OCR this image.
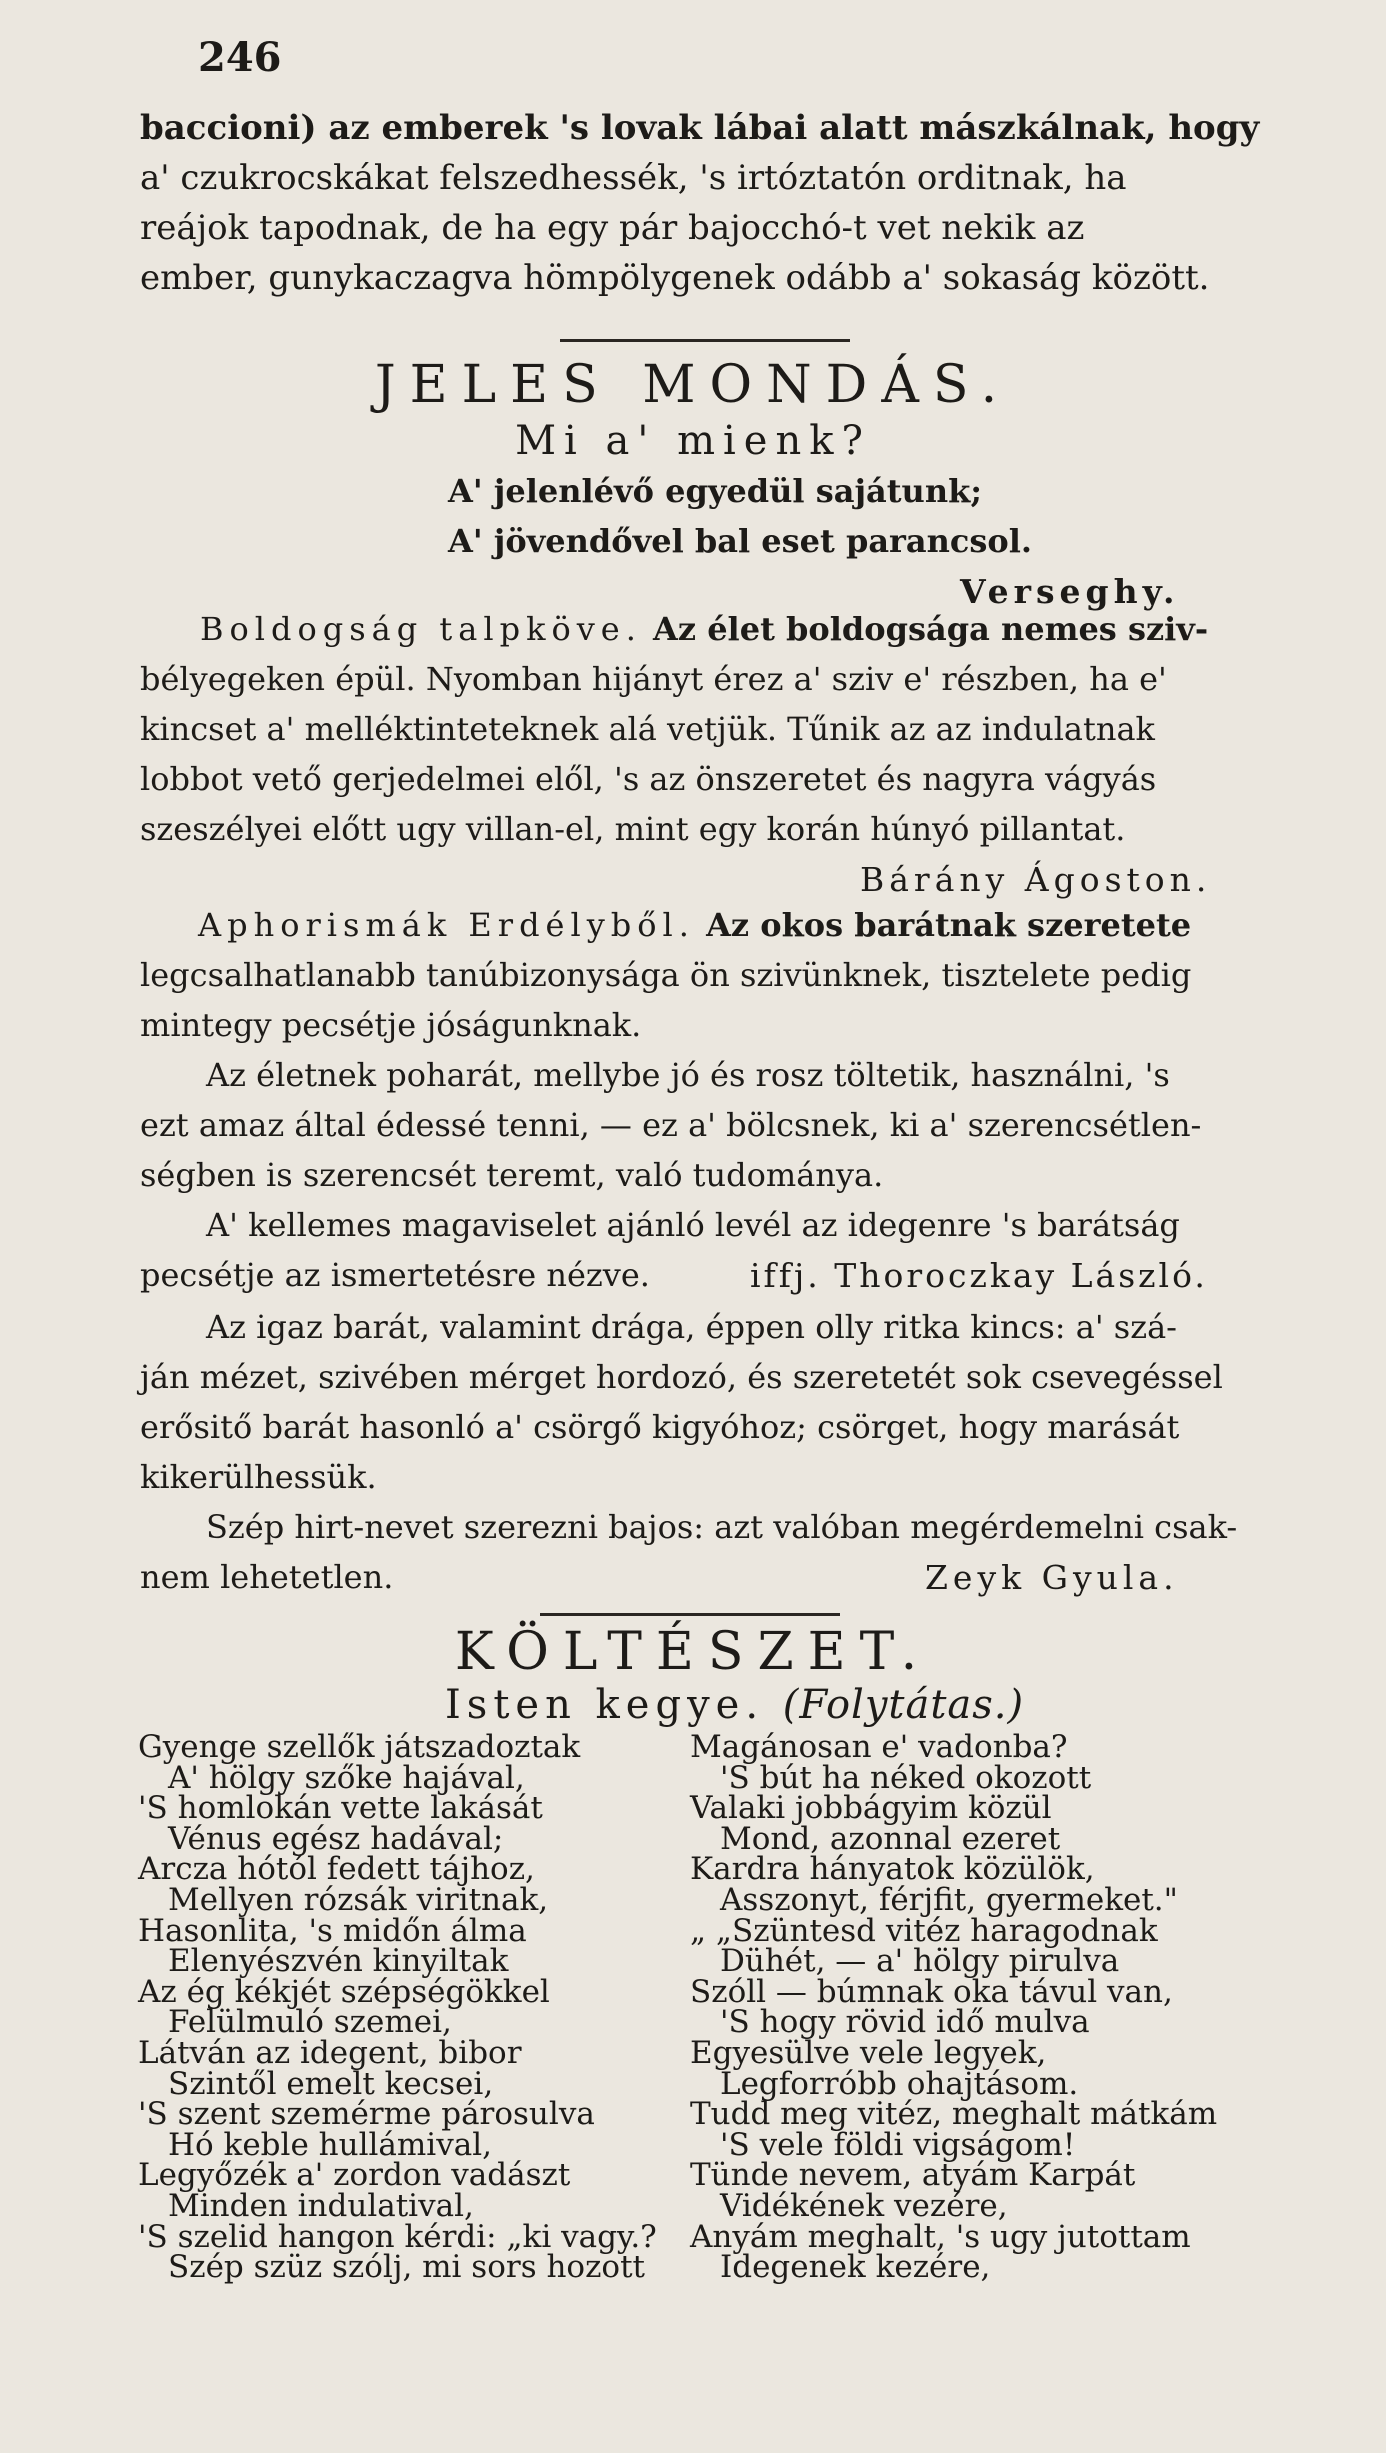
246
baccioni) az emberek 's lovak lábai alatt mászkálnak, hogy
a' czukrocskákat felszedhessék, 's irtóztatón orditnak, ha
reájok tapodnak, de ha egy pár bajocchó-t vet nekik az
ember, gunykaczagva hömpölygenek odább a' sokaság között.
JELES MONDÁS.
Mi a' mienk?
A' jelenlévő egyedül sajátunk;
A' jövendővel bal eset parancsol.
Verseghy.
Boldogság talpköve. Az élet boldogsága nemes sziv-
bélyegeken épül. Nyomban hijányt érez a' sziv e' részben, ha e'
kincset a' melléktinteteknek alá vetjük. Tűnik az az indulatnak
lobbot vető gerjedelmei elől, 's az önszeretet és nagyra vágyás
szeszélyei előtt ugy villan-el, mint egy korán húnyó pillantat.
Bárány Ágoston.
Aphorismák Erdélyből. Az okos barátnak szeretete
legcsalhatlanabb tanúbizonysága ön szivünknek, tisztelete pedig
mintegy pecsétje jóságunknak.
Az életnek poharát, mellybe jó és rosz töltetik, használni, 's
ezt amaz által édessé tenni, — ez a' bölcsnek, ki a' szerencsétlen-
ségben is szerencsét teremt, való tudománya.
A' kellemes magaviselet ajánló levél az idegenre 's barátság
pecsétje az ismertetésre nézve.	iffj. Thoroczkay László.
Az igaz barát, valamint drága, éppen olly ritka kincs: a' szá-
ján mézet, szivében mérget hordozó, és szeretetét sok csevegéssel
erősitő barát hasonló a' csörgő kigyóhoz; csörget, hogy marását
kikerülhessük.
Szép hirt-nevet szerezni bajos: azt valóban megérdemelni csak-
nem lehetetlen.	Zeyk Gyula.
KÖLTÉSZET.
Isten kegye. (Folytátas.)
Gyenge szellők játszadoztak
A' hölgy szőke hajával,
'S homlokán vette lakását
Vénus egész hadával;
Arcza hótól fedett tájhoz,
Mellyen rózsák viritnak,
Hasonlita, 's midőn álma
Elenyészvén kinyiltak
Az ég kékjét szépségökkel
Felülmuló szemei,
Látván az idegent, bibor
Szintől emelt kecsei,
'S szent szemérme párosulva
Hó keble hullámival,
Legyőzék a' zordon vadászt
Minden indulatival,
'S szelid hangon kérdi: „ki vagy.?
Szép szüz szólj, mi sors hozott
Magánosan e' vadonba?
'S bút ha néked okozott
Valaki jobbágyim közül
Mond, azonnal ezeret
Kardra hányatok közülök,
Asszonyt, férjfit, gyermeket."
„ „Szüntesd vitéz haragodnak
Dühét, — a' hölgy pirulva
Szóll — búmnak oka távul van,
'S hogy rövid idő mulva
Egyesülve vele legyek,
Legforróbb ohajtásom.
Tudd meg vitéz, meghalt mátkám
'S vele földi vigságom!
Tünde nevem, atyám Karpát
Vidékének vezére,
Anyám meghalt, 's ugy jutottam
Idegenek kezére,
